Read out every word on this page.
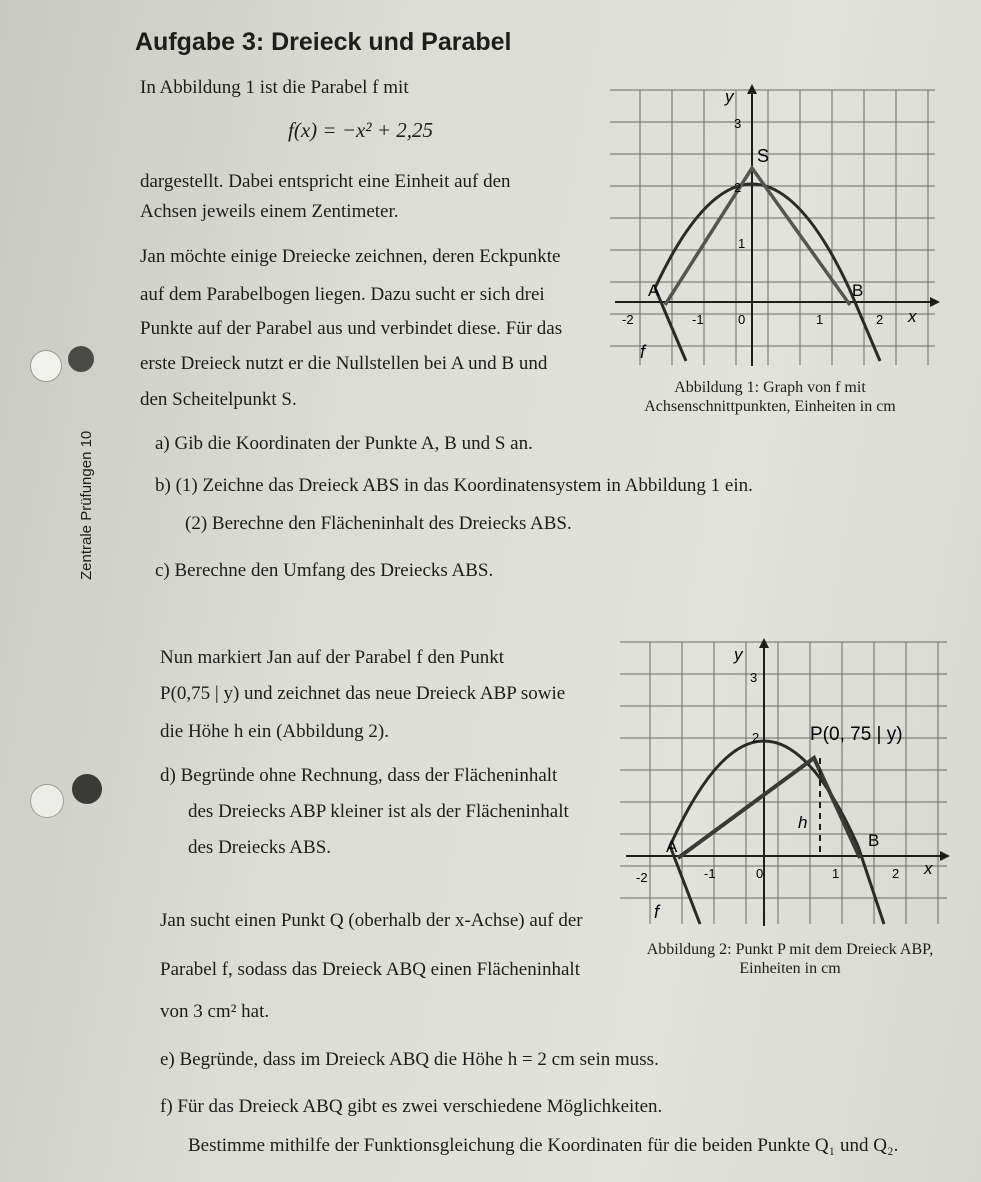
Aufgabe 3: Dreieck und Parabel
In Abbildung 1 ist die Parabel f mit
f(x) = −x² + 2,25
dargestellt. Dabei entspricht eine Einheit auf den
Achsen jeweils einem Zentimeter.
Jan möchte einige Dreiecke zeichnen, deren Eckpunkte
auf dem Parabelbogen liegen. Dazu sucht er sich drei
Punkte auf der Parabel aus und verbindet diese. Für das
erste Dreieck nutzt er die Nullstellen bei A und B und
den Scheitelpunkt S.
-2	-1	0	1	2
1
2
3
x
y
A	B
S
f
Abbildung 1: Graph von f mit
Achsenschnittpunkten, Einheiten in cm
a) Gib die Koordinaten der Punkte A, B und S an.
b) (1) Zeichne das Dreieck ABS in das Koordinatensystem in Abbildung 1 ein.
(2) Berechne den Flächeninhalt des Dreiecks ABS.
c) Berechne den Umfang des Dreiecks ABS.
Zentrale Prüfungen 10
Nun markiert Jan auf der Parabel f den Punkt
P(0,75 | y) und zeichnet das neue Dreieck ABP sowie
die Höhe h ein (Abbildung 2).
d) Begründe ohne Rechnung, dass der Flächeninhalt
des Dreiecks ABP kleiner ist als der Flächeninhalt
des Dreiecks ABS.
-2	-1	0	1	2
2
3
x
y
A	B
P(0, 75 | y)
h
f
Abbildung 2: Punkt P mit dem Dreieck ABP,
Einheiten in cm
Jan sucht einen Punkt Q (oberhalb der x-Achse) auf der
Parabel f, sodass das Dreieck ABQ einen Flächeninhalt
von 3 cm² hat.
e) Begründe, dass im Dreieck ABQ die Höhe h = 2 cm sein muss.
f) Für das Dreieck ABQ gibt es zwei verschiedene Möglichkeiten.
Bestimme mithilfe der Funktionsgleichung die Koordinaten für die beiden Punkte Q₁ und Q₂.
